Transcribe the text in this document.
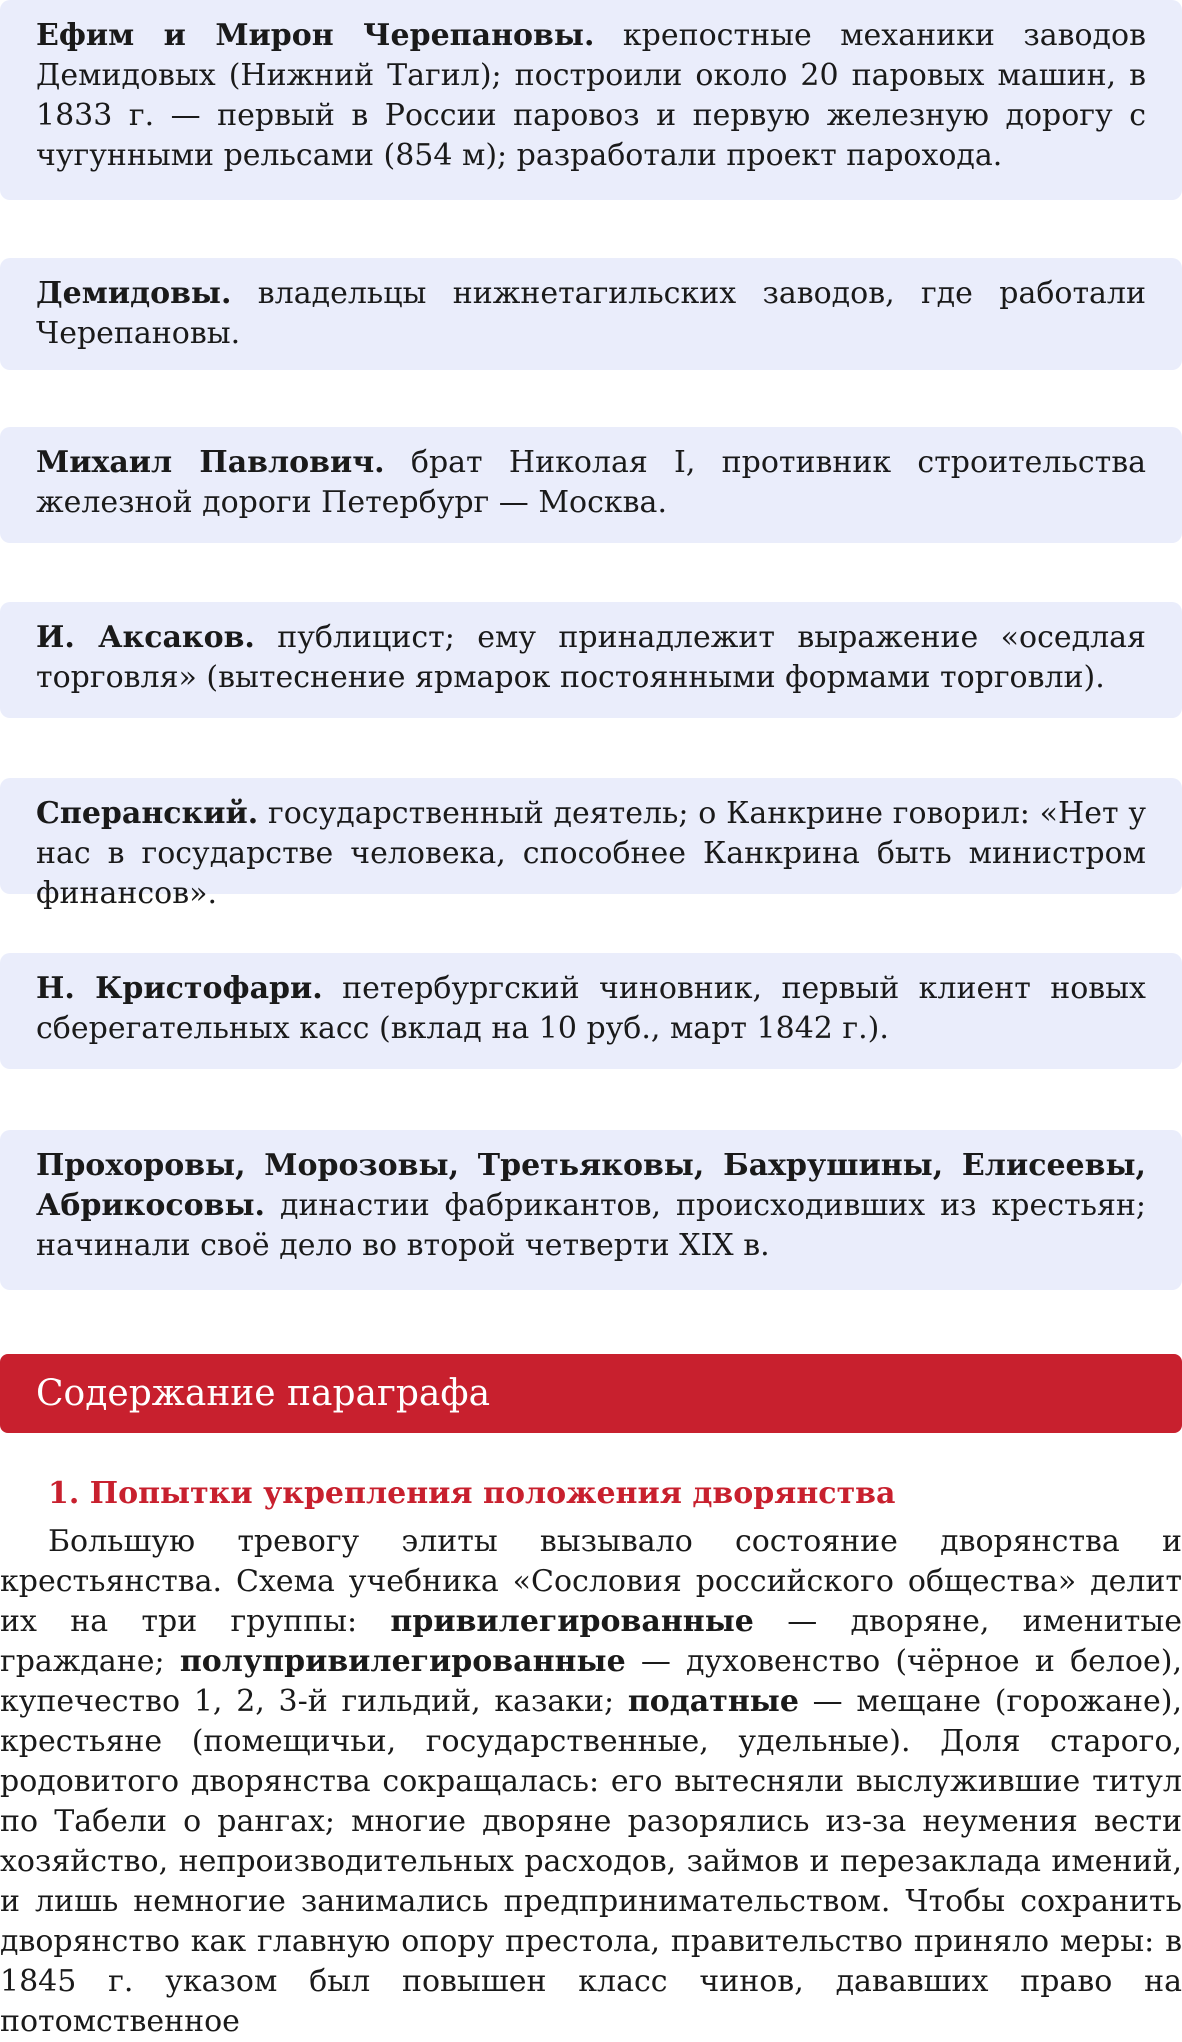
Ефим и Мирон Черепановы. крепостные механики заводов Демидовых (Нижний Тагил); построили около 20 паровых машин, в 1833 г. — первый в России паровоз и первую железную дорогу с чугунными рельсами (854 м); разработали проект парохода.
Демидовы. владельцы нижнетагильских заводов, где работали Черепановы.
Михаил Павлович. брат Николая I, противник строительства железной дороги Петербург — Москва.
И. Аксаков. публицист; ему принадлежит выражение «оседлая торговля» (вытеснение ярмарок постоянными формами торговли).
Сперанский. государственный деятель; о Канкрине говорил: «Нет у нас в государстве человека, способнее Канкрина быть министром финансов».
Н. Кристофари. петербургский чиновник, первый клиент новых сберегательных касс (вклад на 10 руб., март 1842 г.).
Прохоровы, Морозовы, Третьяковы, Бахрушины, Елисеевы, Абрикосовы. династии фабрикантов, происходивших из крестьян; начинали своё дело во второй четверти XIX в.
Содержание параграфа
1. Попытки укрепления положения дворянства

Большую тревогу элиты вызывало состояние дворянства и крестьянства. Схема учебника «Сословия российского общества» делит их на три группы: привилегированные — дворяне, именитые граждане; полупривилегированные — духовенство (чёрное и белое), купечество 1, 2, 3-й гильдий, казаки; податные — мещане (горожане), крестьяне (помещичьи, государственные, удельные). Доля старого, родовитого дворянства сокращалась: его вытесняли выслужившие титул по Табели о рангах; многие дворяне разорялись из-за неумения вести хозяйство, непроизводительных расходов, займов и перезаклада имений, и лишь немногие занимались предпринимательством. Чтобы сохранить дворянство как главную опору престола, правительство приняло меры: в 1845 г. указом был повышен класс чинов, дававших право на потомственное
